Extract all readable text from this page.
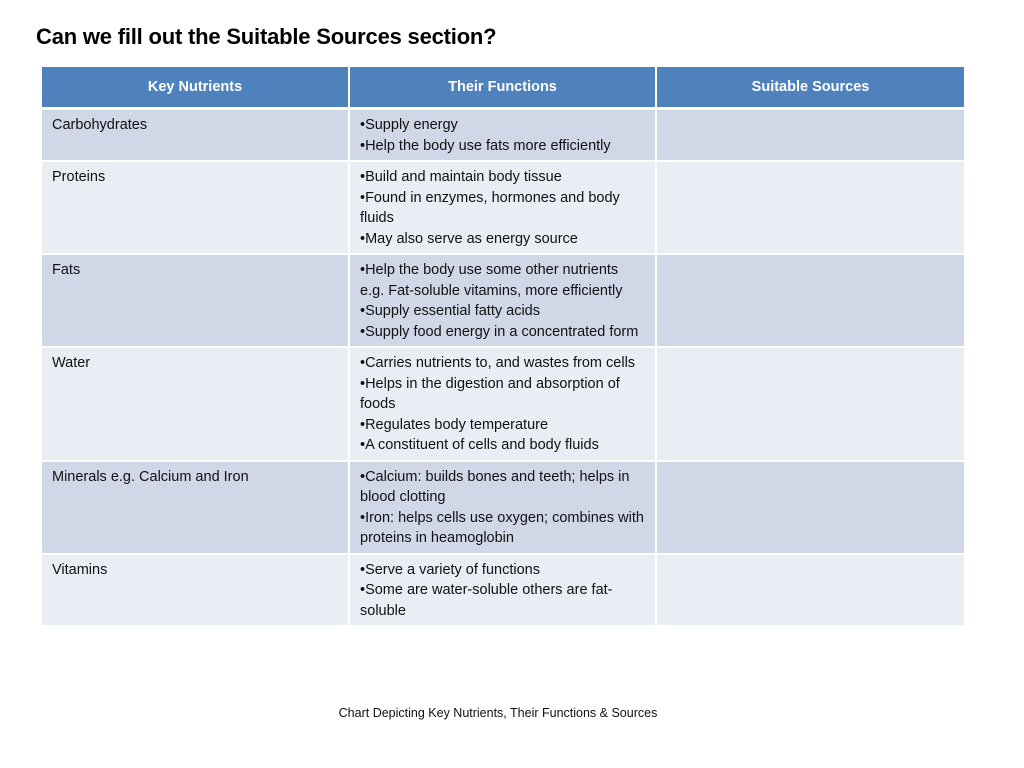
Can we fill out the Suitable Sources section?
Key Nutrients	Their Functions	Suitable Sources
Carbohydrates	•Supply energy
•Help the body use fats more efficiently	

Proteins	•Build and maintain body tissue
•Found in enzymes, hormones and body fluids
•May also serve as energy source	

Fats	•Help the body use some other nutrients e.g. Fat-soluble vitamins, more efficiently
•Supply essential fatty acids
•Supply food energy in a concentrated form	

Water	•Carries nutrients to, and wastes from cells
•Helps in the digestion and absorption of foods
•Regulates body temperature
•A constituent of cells and body fluids	

Minerals e.g. Calcium and Iron	•Calcium: builds bones and teeth; helps in blood clotting
•Iron: helps cells use oxygen; combines with proteins in heamoglobin	

Vitamins	•Serve a variety of functions
•Some are water-soluble others are fat-soluble	

Chart Depicting Key Nutrients, Their Functions & Sources
